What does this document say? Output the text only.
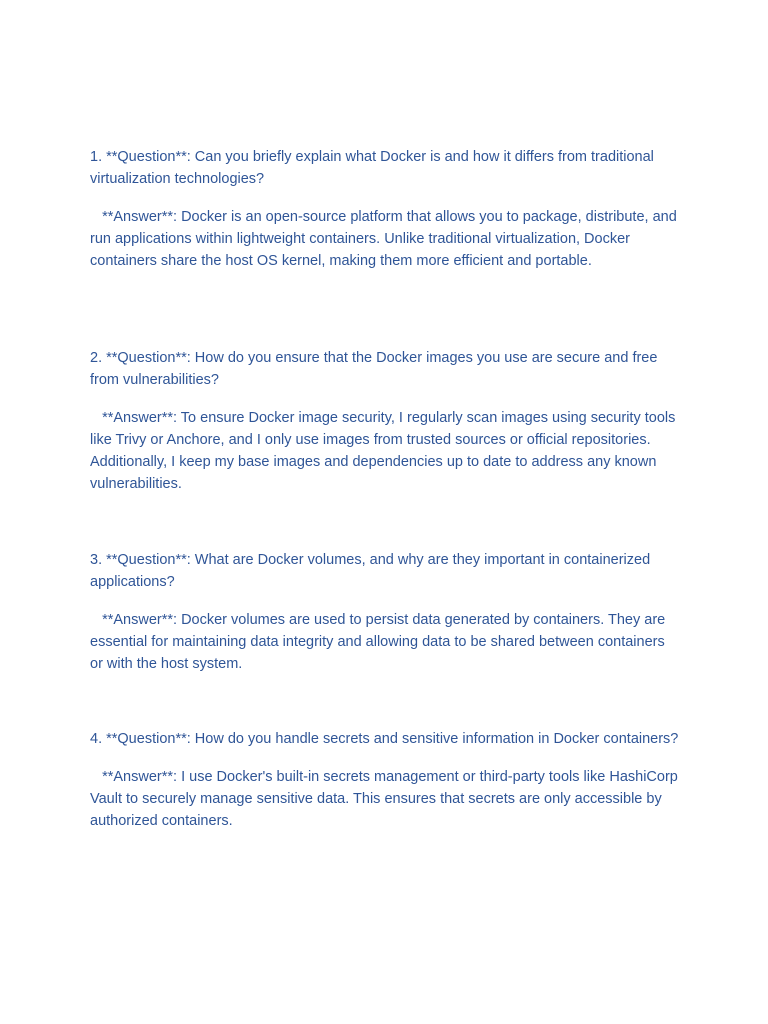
1. **Question**: Can you briefly explain what Docker is and how it differs from traditional virtualization technologies?

**Answer**: Docker is an open-source platform that allows you to package, distribute, and run applications within lightweight containers. Unlike traditional virtualization, Docker containers share the host OS kernel, making them more efficient and portable.

2. **Question**: How do you ensure that the Docker images you use are secure and free from vulnerabilities?

**Answer**: To ensure Docker image security, I regularly scan images using security tools like Trivy or Anchore, and I only use images from trusted sources or official repositories. Additionally, I keep my base images and dependencies up to date to address any known vulnerabilities.

3. **Question**: What are Docker volumes, and why are they important in containerized applications?

**Answer**: Docker volumes are used to persist data generated by containers. They are essential for maintaining data integrity and allowing data to be shared between containers or with the host system.

4. **Question**: How do you handle secrets and sensitive information in Docker containers?

**Answer**: I use Docker's built-in secrets management or third-party tools like HashiCorp Vault to securely manage sensitive data. This ensures that secrets are only accessible by authorized containers.
